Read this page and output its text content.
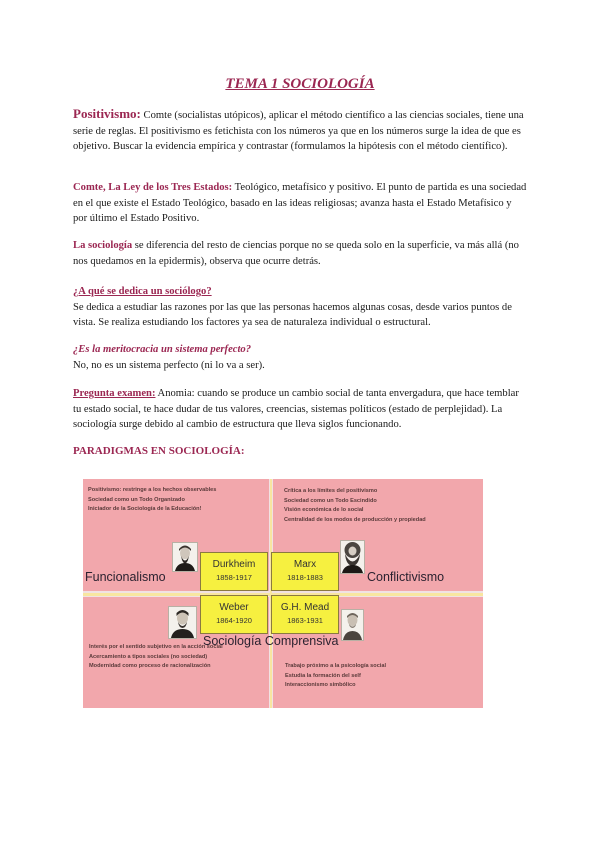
TEMA 1 SOCIOLOGÍA

Positivismo: Comte (socialistas utópicos), aplicar el método científico a las ciencias sociales, tiene una serie de reglas. El positivismo es fetichista con los números ya que en los números surge la idea de que es objetivo. Buscar la evidencia empírica y contrastar (formulamos la hipótesis con el método científico).

Comte, La Ley de los Tres Estados: Teológico, metafísico y positivo. El punto de partida es una sociedad en el que existe el Estado Teológico, basado en las ideas religiosas; avanza hasta el Estado Metafísico y por último el Estado Positivo.

La sociología se diferencia del resto de ciencias porque no se queda solo en la superficie, va más allá (no nos quedamos en la epidermis), observa que ocurre detrás.

¿A qué se dedica un sociólogo?
Se dedica a estudiar las razones por las que las personas hacemos algunas cosas, desde varios puntos de vista. Se realiza estudiando los factores ya sea de naturaleza individual o estructural.

¿Es la meritocracia un sistema perfecto?
No, no es un sistema perfecto (ni lo va a ser).

Pregunta examen: Anomia: cuando se produce un cambio social de tanta envergadura, que hace temblar tu estado social, te hace dudar de tus valores, creencias, sistemas políticos (estado de perplejidad). La sociología surge debido al cambio de estructura que lleva siglos funcionando.

PARADIGMAS EN SOCIOLOGÍA:
Positivismo: restringe a los hechos observables
Sociedad como un Todo Organizado
Iniciador de la Sociología de la Educación!
Crítica a los límites del positivismo
Sociedad como un Todo Escindido
Visión económica de lo social
Centralidad de los modos de producción y propiedad
Interés por el sentido subjetivo en la acción social
Acercamiento a tipos sociales (no sociedad)
Modernidad como proceso de racionalización	Trabajo próximo a la psicología social
Estudia la formación del self
Interaccionismo simbólico
Durkheim
1858-1917
Marx
1818-1883
Weber
1864-1920
G.H. Mead
1863-1931
Funcionalismo	Conflictivismo
Sociología Comprensiva
